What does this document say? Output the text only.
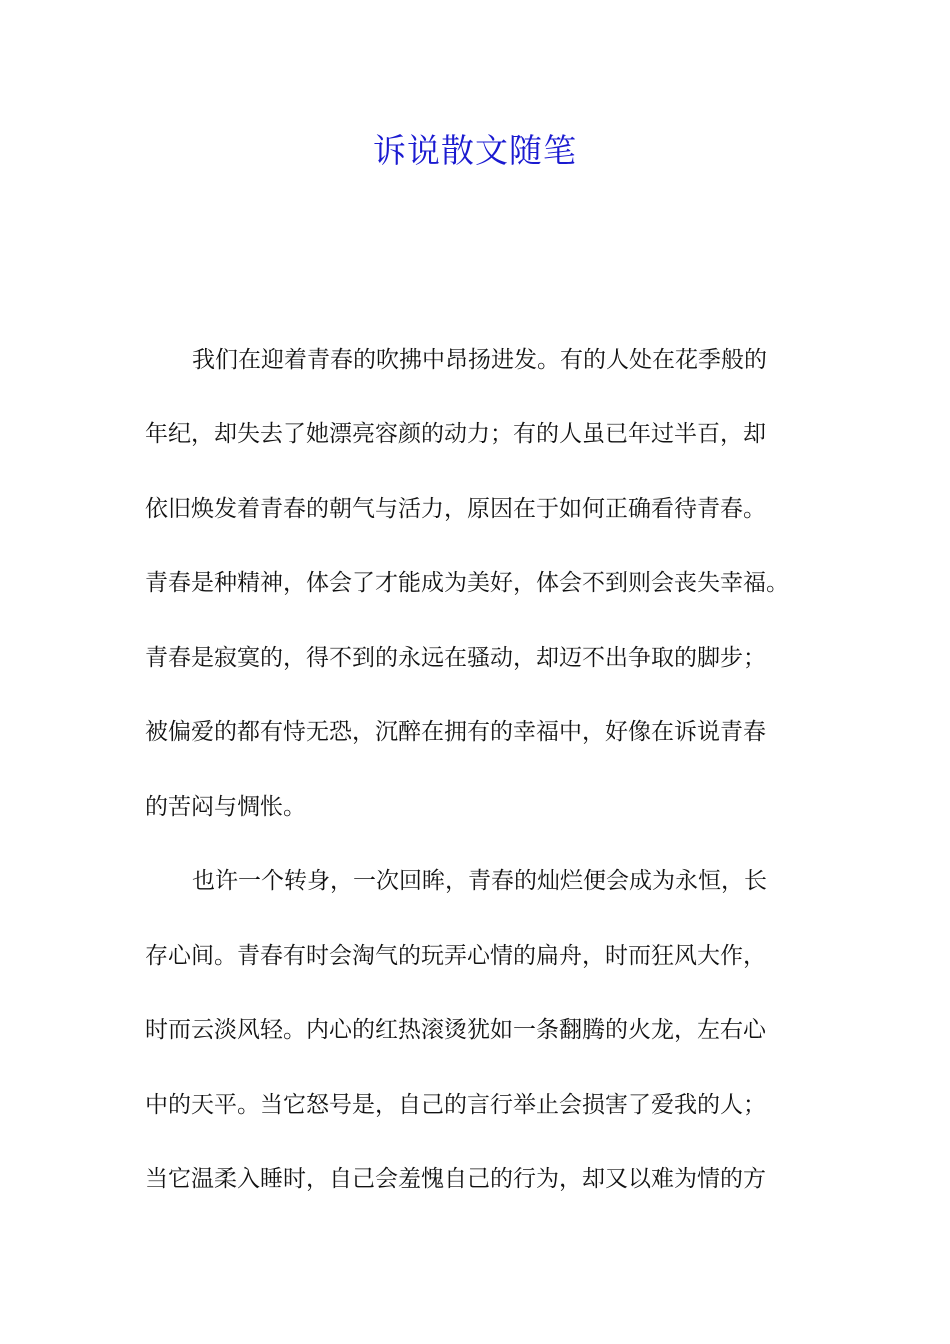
诉说散文随笔
我们在迎着青春的吹拂中昂扬进发。有的人处在花季般的
年纪，却失去了她漂亮容颜的动力；有的人虽已年过半百，却
依旧焕发着青春的朝气与活力，原因在于如何正确看待青春。
青春是种精神，体会了才能成为美好，体会不到则会丧失幸福。
青春是寂寞的，得不到的永远在骚动，却迈不出争取的脚步；
被偏爱的都有恃无恐，沉醉在拥有的幸福中，好像在诉说青春
的苦闷与惆怅。
也许一个转身，一次回眸，青春的灿烂便会成为永恒，长
存心间。青春有时会淘气的玩弄心情的扁舟，时而狂风大作，
时而云淡风轻。内心的红热滚烫犹如一条翻腾的火龙，左右心
中的天平。当它怒号是，自己的言行举止会损害了爱我的人；
当它温柔入睡时，自己会羞愧自己的行为，却又以难为情的方
